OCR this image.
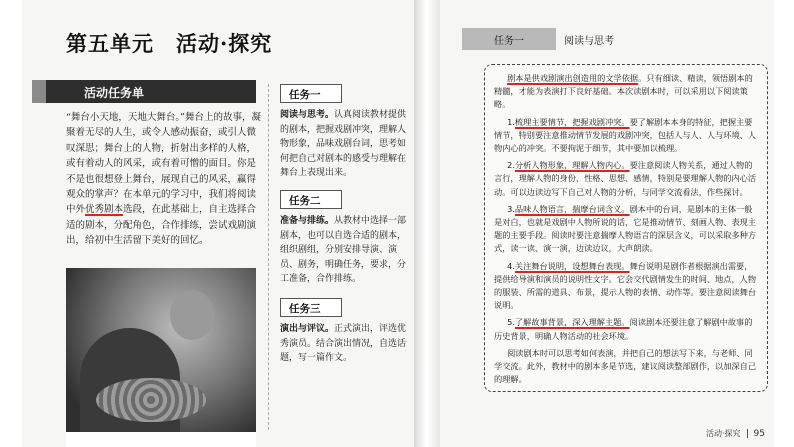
第五单元　活动·探究
活动任务单
“舞台小天地，天地大舞台。”舞台上的故事，凝聚着无尽的人生，或令人感动振奋，或引人微叹深思；舞台上的人物，折射出多样的人格，或有着动人的风采，或有着可憎的面目。你是不是也很想登上舞台，展现自己的风采，赢得观众的掌声？在本单元的学习中，我们将阅读中外优秀剧本选段，在此基础上，自主选择合适的剧本，分配角色，合作排练，尝试戏剧演出，给初中生活留下美好的回忆。
任务一
阅读与思考。认真阅读教材提供的剧本，把握戏剧冲突，理解人物形象，品味戏剧台词，思考如何把自己对剧本的感受与理解在舞台上表现出来。
任务二
准备与排练。从教材中选择一部剧本，也可以自选合适的剧本，组织剧组，分别安排导演、演员、剧务，明确任务，要求，分工准备，合作排练。
任务三
演出与评议。正式演出，评选优秀演员。结合演出情况，自选话题，写一篇作文。
任务一	阅读与思考

剧本是供戏剧演出创造用的文学依据。只有细读、精读，领悟剧本的精髓，才能为表演打下良好基础。本次读剧本时，可以采用以下阅读策略。

1.梳理主要情节，把握戏剧冲突。要了解剧本本身的特征，把握主要情节，特别要注意推动情节发展的戏剧冲突，包括人与人、人与环境、人物内心的冲突。不要拘泥于细节，其中要加以梳理。

2.分析人物形象，理解人物内心。要注意阅读人物关系，通过人物的言行，理解人物的身份、性格、思想、感情，特别是要理解人物的内心活动。可以边读边写下自己对人物的分析，与同学交流看法，作些探讨。

3.品味人物语言，揣摩台词含义。剧本中的台词，是剧本的主体一般是对白，也就是戏剧中人物所说的话，它是推动情节、刻画人物、表现主题的主要手段。阅读时要注意揣摩人物语言的深层含义，可以采取多种方式，读一读、演一演，边读边议，大声朗读。

4.关注舞台说明，设想舞台表现。舞台说明是剧作者根据演出需要，提供给导演和演员的说明性文字。它会交代剧情发生的时间、地点，人物的服装、所需的道具、布景，提示人物的表情、动作等。要注意阅读舞台说明。

5.了解故事背景，深入理解主题。阅读剧本还要注意了解剧中故事的历史背景，明确人物活动的社会环境。

阅读剧本时可以思考如何表演，并把自己的想法写下来，与老师、同学交流。此外，教材中的剧本多是节选，建议阅读整部剧作，以加深自己的理解。

活动·探究 95
